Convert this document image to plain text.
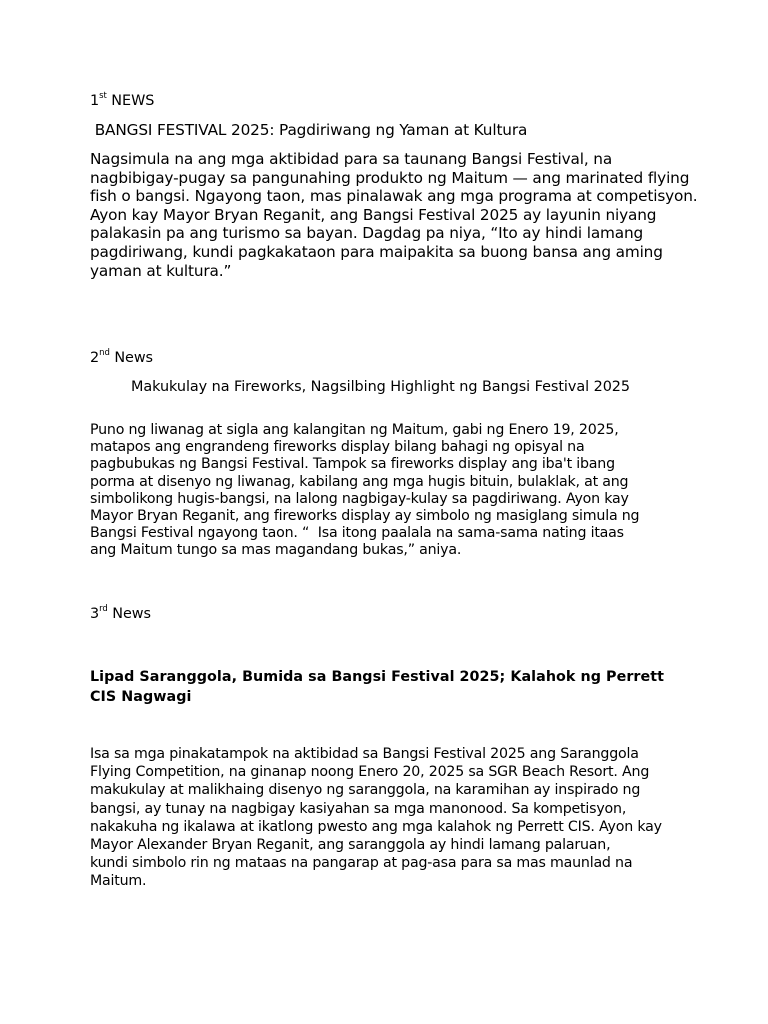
1st NEWS
BANGSI FESTIVAL 2025: Pagdiriwang ng Yaman at Kultura
Nagsimula na ang mga aktibidad para sa taunang Bangsi Festival, na
nagbibigay-pugay sa pangunahing produkto ng Maitum — ang marinated flying
fish o bangsi. Ngayong taon, mas pinalawak ang mga programa at competisyon.
Ayon kay Mayor Bryan Reganit, ang Bangsi Festival 2025 ay layunin niyang
palakasin pa ang turismo sa bayan. Dagdag pa niya, “Ito ay hindi lamang
pagdiriwang, kundi pagkakataon para maipakita sa buong bansa ang aming
yaman at kultura.”
2nd News
Makukulay na Fireworks, Nagsilbing Highlight ng Bangsi Festival 2025
Puno ng liwanag at sigla ang kalangitan ng Maitum, gabi ng Enero 19, 2025,
matapos ang engrandeng fireworks display bilang bahagi ng opisyal na
pagbubukas ng Bangsi Festival. Tampok sa fireworks display ang iba't ibang
porma at disenyo ng liwanag, kabilang ang mga hugis bituin, bulaklak, at ang
simbolikong hugis-bangsi, na lalong nagbigay-kulay sa pagdiriwang. Ayon kay
Mayor Bryan Reganit, ang fireworks display ay simbolo ng masiglang simula ng
Bangsi Festival ngayong taon. “  Isa itong paalala na sama-sama nating itaas
ang Maitum tungo sa mas magandang bukas,” aniya.
3rd News
Lipad Saranggola, Bumida sa Bangsi Festival 2025; Kalahok ng Perrett
CIS Nagwagi
Isa sa mga pinakatampok na aktibidad sa Bangsi Festival 2025 ang Saranggola
Flying Competition, na ginanap noong Enero 20, 2025 sa SGR Beach Resort. Ang
makukulay at malikhaing disenyo ng saranggola, na karamihan ay inspirado ng
bangsi, ay tunay na nagbigay kasiyahan sa mga manonood. Sa kompetisyon,
nakakuha ng ikalawa at ikatlong pwesto ang mga kalahok ng Perrett CIS. Ayon kay
Mayor Alexander Bryan Reganit, ang saranggola ay hindi lamang palaruan,
kundi simbolo rin ng mataas na pangarap at pag-asa para sa mas maunlad na
Maitum.
